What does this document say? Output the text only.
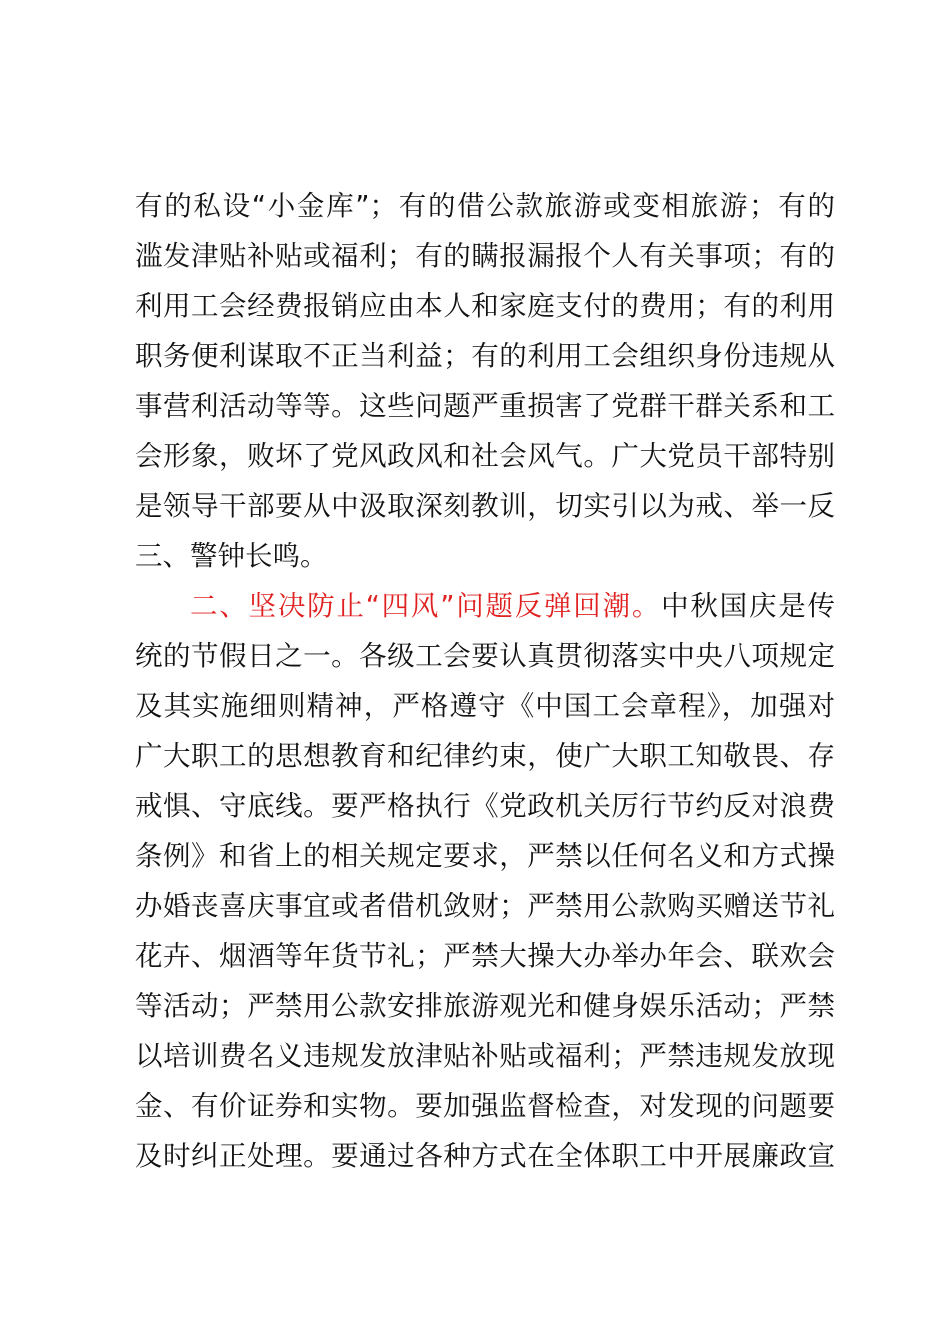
有的私设“小金库”；有的借公款旅游或变相旅游；有的
滥发津贴补贴或福利；有的瞒报漏报个人有关事项；有的
利用工会经费报销应由本人和家庭支付的费用；有的利用
职务便利谋取不正当利益；有的利用工会组织身份违规从
事营利活动等等。这些问题严重损害了党群干群关系和工
会形象，败坏了党风政风和社会风气。广大党员干部特别
是领导干部要从中汲取深刻教训，切实引以为戒、举一反
三、警钟长鸣。
二、坚决防止“四风”问题反弹回潮。中秋国庆是传
统的节假日之一。各级工会要认真贯彻落实中央八项规定
及其实施细则精神，严格遵守《中国工会章程》，加强对
广大职工的思想教育和纪律约束，使广大职工知敬畏、存
戒惧、守底线。要严格执行《党政机关厉行节约反对浪费
条例》和省上的相关规定要求，严禁以任何名义和方式操
办婚丧喜庆事宜或者借机敛财；严禁用公款购买赠送节礼
花卉、烟酒等年货节礼；严禁大操大办举办年会、联欢会
等活动；严禁用公款安排旅游观光和健身娱乐活动；严禁
以培训费名义违规发放津贴补贴或福利；严禁违规发放现
金、有价证券和实物。要加强监督检查，对发现的问题要
及时纠正处理。要通过各种方式在全体职工中开展廉政宣
